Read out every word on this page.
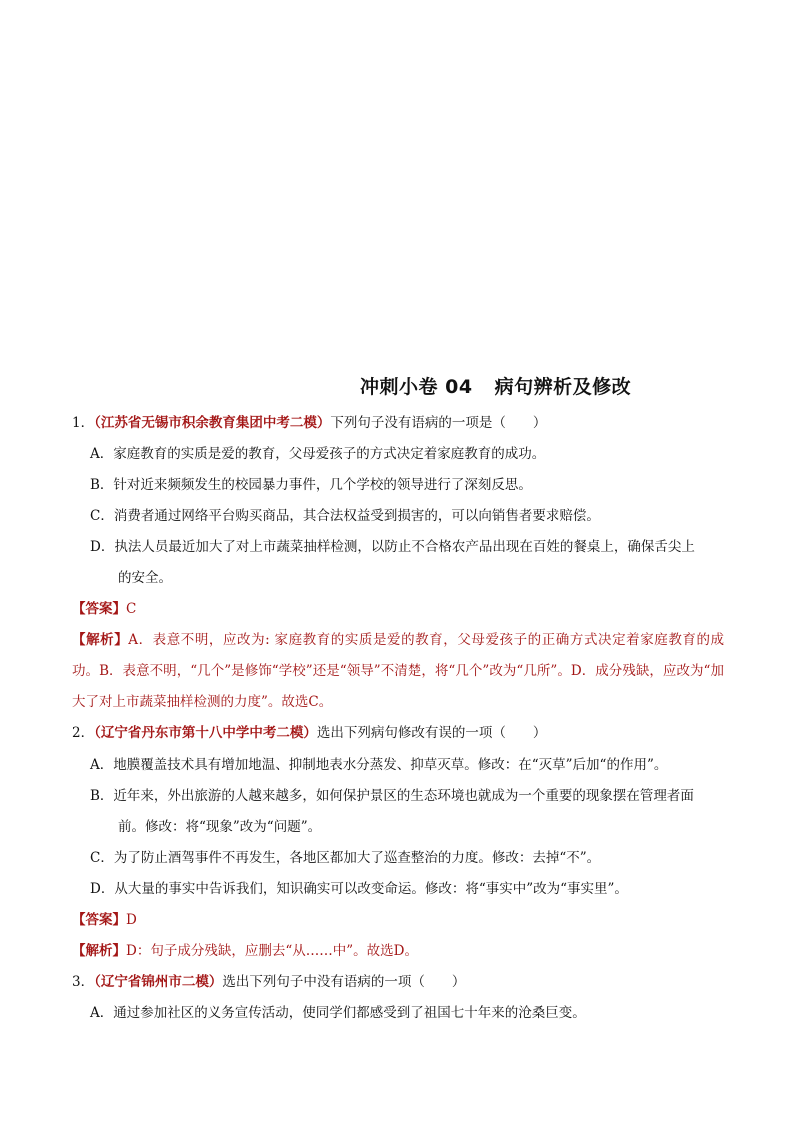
冲刺小卷 04 病句辨析及修改
1．（江苏省无锡市积余教育集团中考二模）下列句子没有语病的一项是（　　）
A．家庭教育的实质是爱的教育，父母爱孩子的方式决定着家庭教育的成功。
B．针对近来频频发生的校园暴力事件，几个学校的领导进行了深刻反思。
C．消费者通过网络平台购买商品，其合法权益受到损害的，可以向销售者要求赔偿。
D．执法人员最近加大了对上市蔬菜抽样检测，以防止不合格农产品出现在百姓的餐桌上，确保舌尖上
的安全。
【答案】C
【解析】A．表意不明，应改为: 家庭教育的实质是爱的教育，父母爱孩子的正确方式决定着家庭教育的成功。B．表意不明，“几个”是修饰“学校”还是“领导”不清楚，将“几个”改为“几所”。D．成分残缺，应改为“加大了对上市蔬菜抽样检测的力度”。故选C。
2．（辽宁省丹东市第十八中学中考二模）选出下列病句修改有误的一项（　　）
A．地膜覆盖技术具有增加地温、抑制地表水分蒸发、抑草灭草。修改：在“灭草”后加“的作用”。
B．近年来，外出旅游的人越来越多，如何保护景区的生态环境也就成为一个重要的现象摆在管理者面
前。修改：将“现象”改为“问题”。
C．为了防止酒驾事件不再发生，各地区都加大了巡查整治的力度。修改：去掉“不”。
D．从大量的事实中告诉我们，知识确实可以改变命运。修改：将“事实中”改为“事实里”。
【答案】D
【解析】D：句子成分残缺，应删去“从……中”。故选D。
3．（辽宁省锦州市二模）选出下列句子中没有语病的一项（　　）
A．通过参加社区的义务宣传活动，使同学们都感受到了祖国七十年来的沧桑巨变。
